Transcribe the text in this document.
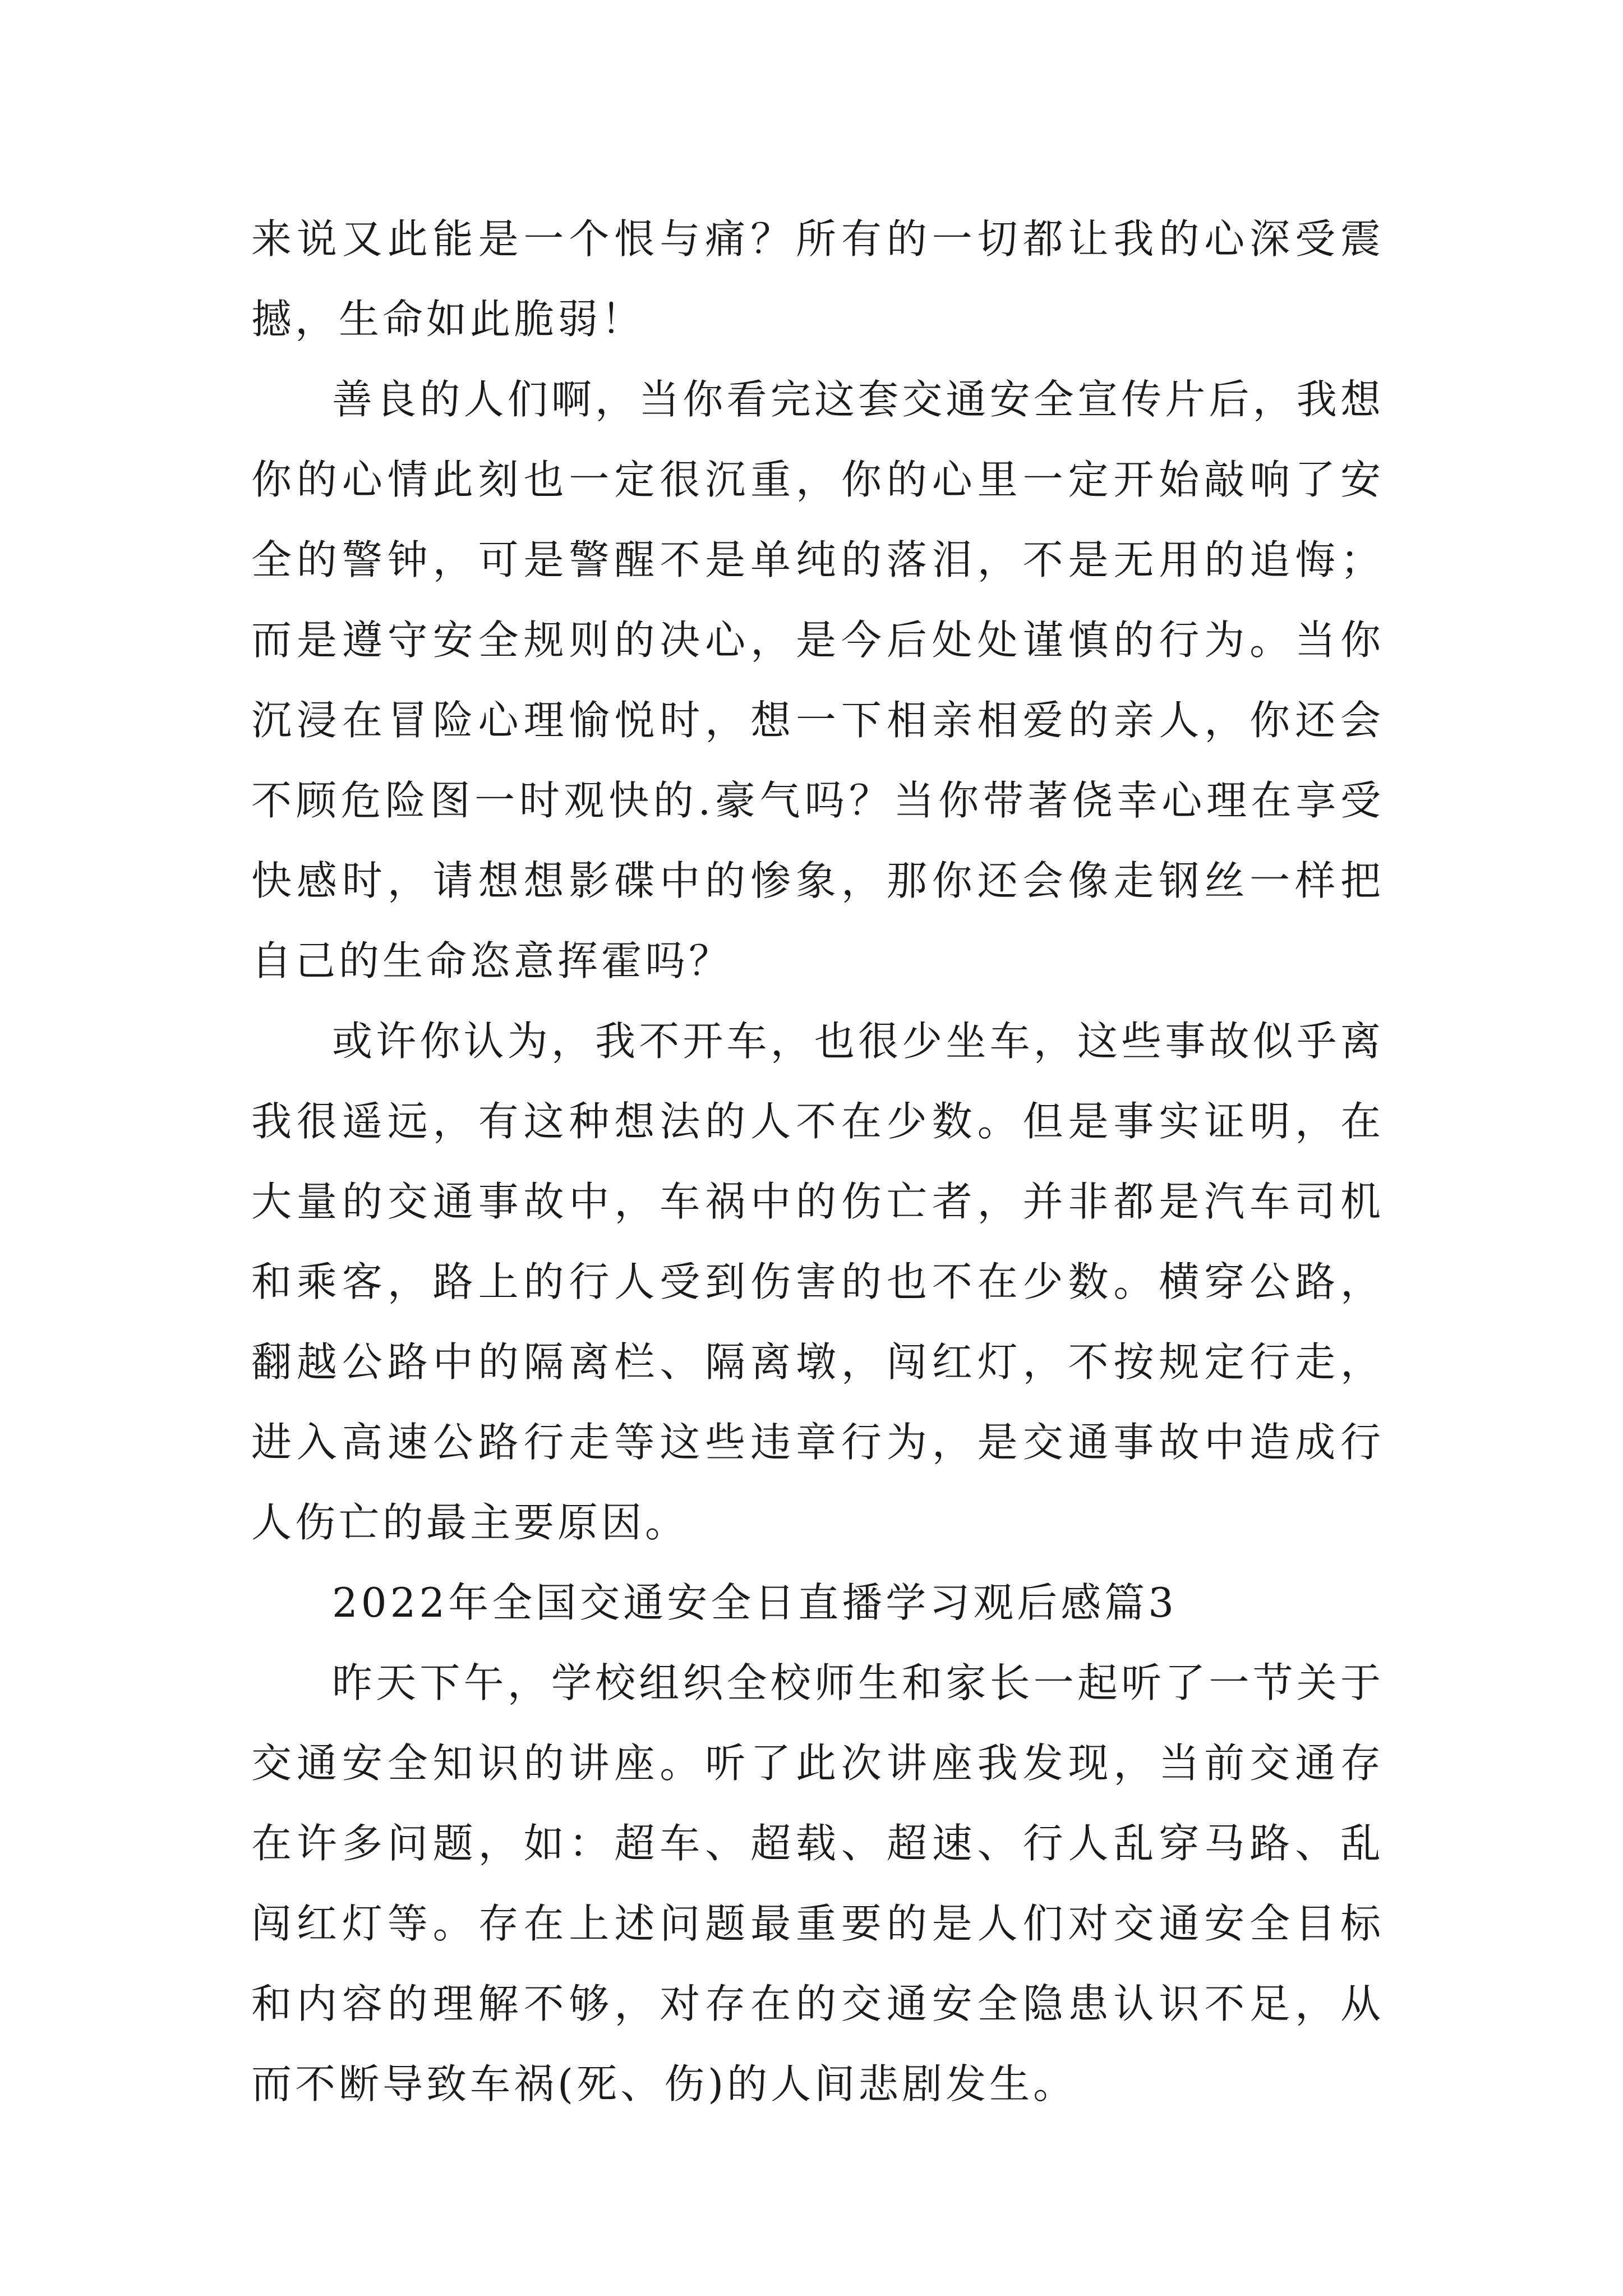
来说又此能是一个恨与痛？所有的一切都让我的心深受震撼，生命如此脆弱！

善良的人们啊，当你看完这套交通安全宣传片后，我想你的心情此刻也一定很沉重，你的心里一定开始敲响了安全的警钟，可是警醒不是单纯的落泪，不是无用的追悔；而是遵守安全规则的决心，是今后处处谨慎的行为。当你沉浸在冒险心理愉悦时，想一下相亲相爱的亲人，你还会不顾危险图一时观快的.豪气吗？当你带著侥幸心理在享受快感时，请想想影碟中的惨象，那你还会像走钢丝一样把自己的生命恣意挥霍吗？

或许你认为，我不开车，也很少坐车，这些事故似乎离我很遥远，有这种想法的人不在少数。但是事实证明，在大量的交通事故中，车祸中的伤亡者，并非都是汽车司机和乘客，路上的行人受到伤害的也不在少数。横穿公路，翻越公路中的隔离栏、隔离墩，闯红灯，不按规定行走，进入高速公路行走等这些违章行为，是交通事故中造成行人伤亡的最主要原因。

2022年全国交通安全日直播学习观后感篇3

昨天下午，学校组织全校师生和家长一起听了一节关于交通安全知识的讲座。听了此次讲座我发现，当前交通存在许多问题，如：超车、超载、超速、行人乱穿马路、乱闯红灯等。存在上述问题最重要的是人们对交通安全目标和内容的理解不够，对存在的交通安全隐患认识不足，从而不断导致车祸(死、伤)的人间悲剧发生。
